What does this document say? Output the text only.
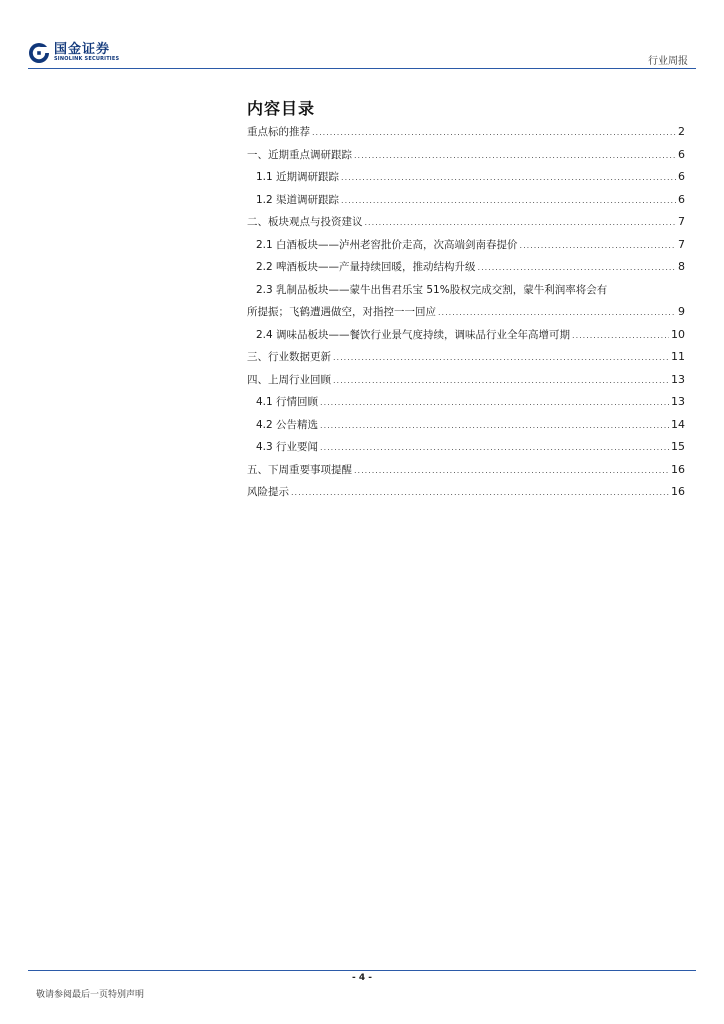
国金证券
SINOLINK SECURITIES	行业周报
内容目录
重点标的推荐 .....	2
一、近期重点调研跟踪 .....	6
1.1 近期调研跟踪 .....	6
1.2 渠道调研跟踪 .....	6
二、板块观点与投资建议 .....	7
2.1 白酒板块——泸州老窖批价走高，次高端剑南春提价 .....	7
2.2 啤酒板块——产量持续回暖，推动结构升级 .....	8
2.3 乳制品板块——蒙牛出售君乐宝 51%股权完成交割，蒙牛利润率将会有
所提振；飞鹤遭遇做空，对指控一一回应 .....	9
2.4 调味品板块——餐饮行业景气度持续，调味品行业全年高增可期 .....	10
三、行业数据更新 .....	11
四、上周行业回顾 .....	13
4.1 行情回顾 .....	13
4.2 公告精选 .....	14
4.3 行业要闻 .....	15
五、下周重要事项提醒 .....	16
风险提示 .....	16
- 4 -
敬请参阅最后一页特别声明
